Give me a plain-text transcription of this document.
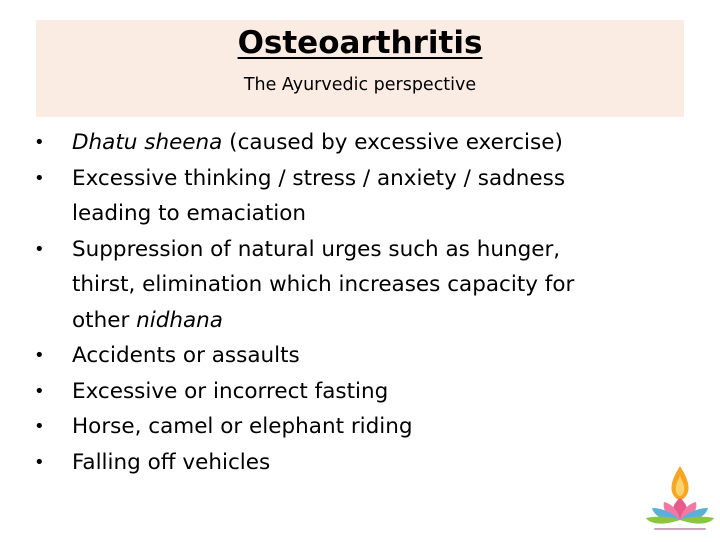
Osteoarthritis
The Ayurvedic perspective
•	Dhatu sheena (caused by excessive exercise)
•	Excessive thinking / stress / anxiety / sadness
leading to emaciation
•	Suppression of natural urges such as hunger,
thirst, elimination which increases capacity for
other nidhana
•	Accidents or assaults
•	Excessive or incorrect fasting
•	Horse, camel or elephant riding
•	Falling off vehicles
